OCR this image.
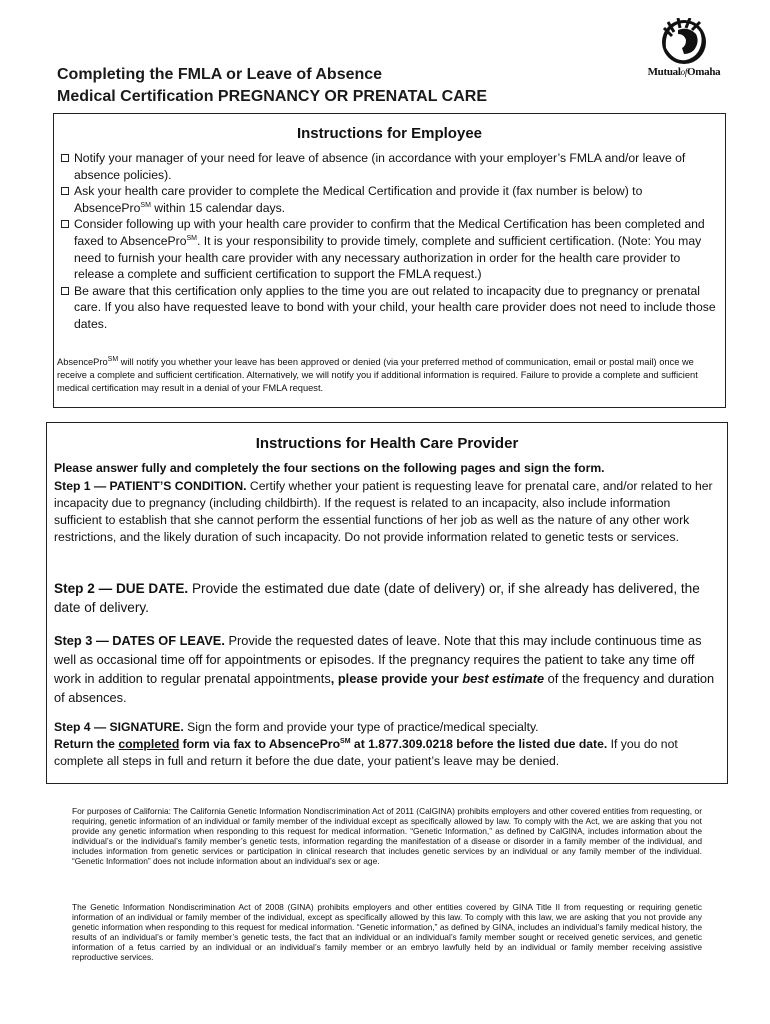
Completing the FMLA or Leave of Absence
Medical Certification PREGNANCY OR PRENATAL CARE
MutualofOmaha
Instructions for Employee
Notify your manager of your need for leave of absence (in accordance with your employer’s FMLA and/or leave of absence policies).
Ask your health care provider to complete the Medical Certification and provide it (fax number is below) to AbsencePro℠ within 15 calendar days.
Consider following up with your health care provider to confirm that the Medical Certification has been completed and faxed to AbsencePro℠. It is your responsibility to provide timely, complete and sufficient certification. (Note: You may need to furnish your health care provider with any necessary authorization in order for the health care provider to release a complete and sufficient certification to support the FMLA request.)
Be aware that this certification only applies to the time you are out related to incapacity due to pregnancy or prenatal care. If you also have requested leave to bond with your child, your health care provider does not need to include those dates.
AbsencePro℠ will notify you whether your leave has been approved or denied (via your preferred method of communication, email or postal mail) once we receive a complete and sufficient certification. Alternatively, we will notify you if additional information is required. Failure to provide a complete and sufficient medical certification may result in a denial of your FMLA request.
Instructions for Health Care Provider
Please answer fully and completely the four sections on the following pages and sign the form.
Step 1 — PATIENT’S CONDITION. Certify whether your patient is requesting leave for prenatal care, and/or related to her incapacity due to pregnancy (including childbirth). If the request is related to an incapacity, also include information sufficient to establish that she cannot perform the essential functions of her job as well as the nature of any other work restrictions, and the likely duration of such incapacity. Do not provide information related to genetic tests or services.
Step 2 — DUE DATE. Provide the estimated due date (date of delivery) or, if she already has delivered, the date of delivery.
Step 3 — DATES OF LEAVE. Provide the requested dates of leave. Note that this may include continuous time as well as occasional time off for appointments or episodes. If the pregnancy requires the patient to take any time off work in addition to regular prenatal appointments, please provide your best estimate of the frequency and duration of absences.
Step 4 — SIGNATURE. Sign the form and provide your type of practice/medical specialty.
Return the completed form via fax to AbsencePro℠ at 1.877.309.0218 before the listed due date. If you do not complete all steps in full and return it before the due date, your patient’s leave may be denied.
For purposes of California: The California Genetic Information Nondiscrimination Act of 2011 (CalGINA) prohibits employers and other covered entities from requesting, or requiring, genetic information of an individual or family member of the individual except as specifically allowed by law. To comply with the Act, we are asking that you not provide any genetic information when responding to this request for medical information. “Genetic Information,” as defined by CalGINA, includes information about the individual’s or the individual’s family member’s genetic tests, information regarding the manifestation of a disease or disorder in a family member of the individual, and includes information from genetic services or participation in clinical research that includes genetic services by an individual or any family member of the individual. “Genetic Information” does not include information about an individual’s sex or age.
The Genetic Information Nondiscrimination Act of 2008 (GINA) prohibits employers and other entities covered by GINA Title II from requesting or requiring genetic information of an individual or family member of the individual, except as specifically allowed by this law. To comply with this law, we are asking that you not provide any genetic information when responding to this request for medical information. “Genetic information,” as defined by GINA, includes an individual’s family medical history, the results of an individual’s or family member’s genetic tests, the fact that an individual or an individual’s family member sought or received genetic services, and genetic information of a fetus carried by an individual or an individual’s family member or an embryo lawfully held by an individual or family member receiving assistive reproductive services.
